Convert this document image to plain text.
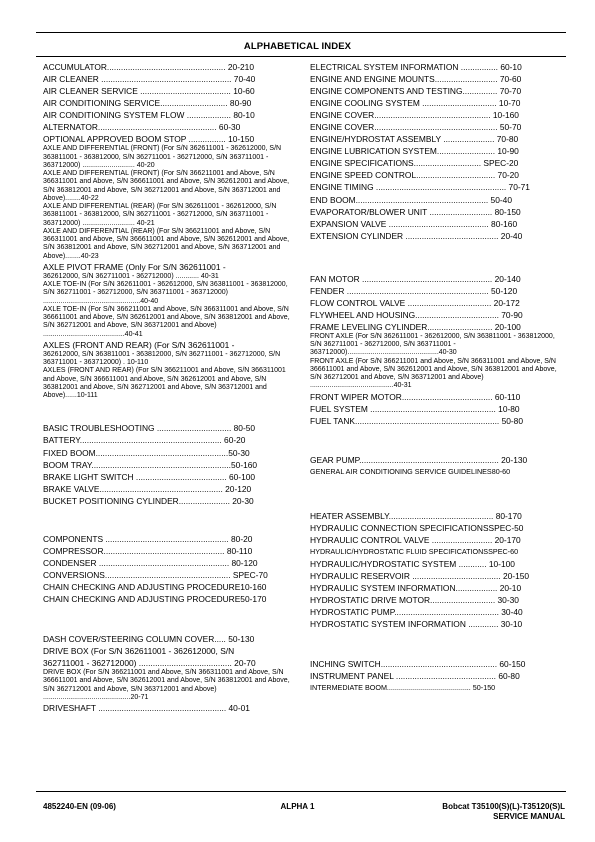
ALPHABETICAL INDEX
ACCUMULATOR................................................... 20-210
AIR CLEANER ........................................................ 70-40
AIR CLEANER SERVICE ....................................... 10-60
AIR CONDITIONING SERVICE............................. 80-90
AIR CONDITIONING SYSTEM FLOW ................... 80-10
ALTERNATOR................................................... 60-30
OPTIONAL APPROVED BOOM STOP ................ 10-150
AXLE AND DIFFERENTIAL (FRONT) (For S/N 362611001 - 362612000, S/N 363811001 - 363812000, S/N 362711001 - 362712000, S/N 363711001 - 363712000) ........................... 40-20
AXLE AND DIFFERENTIAL (FRONT) (For S/N 366211001 and Above, S/N 366311001 and Above, S/N 366611001 and Above, S/N 362612001 and Above, S/N 363812001 and Above, S/N 362712001 and Above, S/N 363712001 and Above)........40-22
AXLE AND DIFFERENTIAL (REAR) (For S/N 362611001 - 362612000, S/N 363811001 - 363812000, S/N 362711001 - 362712000, S/N 363711001 - 363712000) ........................... 40-21
AXLE AND DIFFERENTIAL (REAR) (For S/N 366211001 and Above, S/N 366311001 and Above, S/N 366611001 and Above, S/N 362612001 and Above, S/N 363812001 and Above, S/N 362712001 and Above, S/N 363712001 and Above)........40-23
AXLE PIVOT FRAME (Only For S/N 362611001 -
362612000, S/N 362711001 - 362712000) ............ 40-31
AXLE TOE-IN (For S/N 362611001 - 362612000, S/N 363811001 - 363812000, S/N 362711001 - 362712000, S/N 363711001 - 363712000) ..................................................40-40
AXLE TOE-IN (For S/N 366211001 and Above, S/N 366311001 and Above, S/N 366611001 and Above, S/N 362612001 and Above, S/N 363812001 and Above, S/N 362712001 and Above, S/N 363712001 and Above) ..........................................40-41
AXLES (FRONT AND REAR) (For S/N 362611001 -
362612000, S/N 363811001 - 363812000, S/N 362711001 - 362712000, S/N 363711001 - 363712000) . 10-110
AXLES (FRONT AND REAR) (For S/N 366211001 and Above, S/N 366311001 and Above, S/N 366611001 and Above, S/N 362612001 and Above, S/N 363812001 and Above, S/N 362712001 and Above, S/N 363712001 and Above)......10-111
BASIC TROUBLESHOOTING ................................ 80-50
BATTERY............................................................. 60-20
FIXED BOOM.........................................................50-30
BOOM TRAY............................................................50-160
BRAKE LIGHT SWITCH ....................................... 60-100
BRAKE VALVE..................................................... 20-120
BUCKET POSITIONING CYLINDER...................... 20-30
COMPONENTS ..................................................... 80-20
COMPRESSOR.................................................... 80-110
CONDENSER ........................................................ 80-120
CONVERSIONS...................................................... SPEC-70
CHAIN CHECKING AND ADJUSTING PROCEDURE10-160
CHAIN CHECKING AND ADJUSTING PROCEDURE50-170
DASH COVER/STEERING COLUMN COVER..... 50-130
DRIVE BOX (For S/N 362611001 - 362612000, S/N
362711001 - 362712000) ........................................ 20-70
DRIVE BOX (For S/N 366211001 and Above, S/N 366311001 and Above, S/N 366611001 and Above, S/N 362612001 and Above, S/N 363812001 and Above, S/N 362712001 and Above, S/N 363712001 and Above) .............................................20-71
DRIVESHAFT ....................................................... 40-01
ELECTRICAL SYSTEM INFORMATION ................ 60-10
ENGINE AND ENGINE MOUNTS........................... 70-60
ENGINE COMPONENTS AND TESTING............... 70-70
ENGINE COOLING SYSTEM ................................ 10-70
ENGINE COVER.................................................. 10-160
ENGINE COVER..................................................... 50-70
ENGINE/HYDROSTAT ASSEMBLY ...................... 70-80
ENGINE LUBRICATION SYSTEM......................... 10-90
ENGINE SPECIFICATIONS............................. SPEC-20
ENGINE SPEED CONTROL.................................. 70-20
ENGINE TIMING ........................................................ 70-71
END BOOM......................................................... 50-40
EVAPORATOR/BLOWER UNIT ........................... 80-150
EXPANSION VALVE ........................................... 80-160
EXTENSION CYLINDER ........................................ 20-40
FAN MOTOR ........................................................ 20-140
FENDER ............................................................. 50-120
FLOW CONTROL VALVE .................................... 20-172
FLYWHEEL AND HOUSING.................................... 70-90
FRAME LEVELING CYLINDER............................ 20-100
FRONT AXLE (For S/N 362611001 - 362612000, S/N 363811001 - 363812000, S/N 362711001 - 362712000, S/N 363711001 - 363712000)...............................................40-30
FRONT AXLE (For S/N 366211001 and Above, S/N 366311001 and Above, S/N 366611001 and Above, S/N 362612001 and Above, S/N 363812001 and Above, S/N 362712001 and Above, S/N 363712001 and Above) ...........................................40-31
FRONT WIPER MOTOR....................................... 60-110
FUEL SYSTEM ...................................................... 10-80
FUEL TANK.............................................................. 50-80
GEAR PUMP............................................................ 20-130
GENERAL AIR CONDITIONING SERVICE GUIDELINES80-60
HEATER ASSEMBLY............................................. 80-170
HYDRAULIC CONNECTION SPECIFICATIONSSPEC-50
HYDRAULIC CONTROL VALVE .......................... 20-170
HYDRAULIC/HYDROSTATIC FLUID SPECIFICATIONSSPEC-60
HYDRAULIC/HYDROSTATIC SYSTEM ............ 10-100
HYDRAULIC RESERVOIR ...................................... 20-150
HYDRAULIC SYSTEM INFORMATION.................. 20-10
HYDROSTATIC DRIVE MOTOR............................ 30-30
HYDROSTATIC PUMP............................................. 30-40
HYDROSTATIC SYSTEM INFORMATION ............. 30-10
INCHING SWITCH.................................................. 60-150
INSTRUMENT PANEL ........................................... 60-80
INTERMEDIATE BOOM.......................................... 50-150
4852240-EN (09-06)	ALPHA 1	Bobcat T35100(S)(L)-T35120(S)L
SERVICE MANUAL
